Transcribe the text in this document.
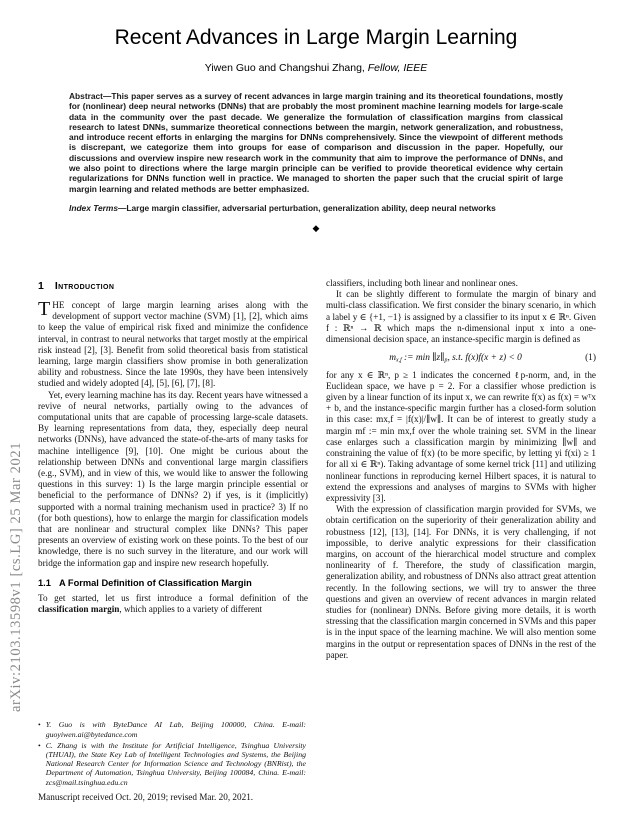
arXiv:2103.13598v1 [cs.LG] 25 Mar 2021
Recent Advances in Large Margin Learning
Yiwen Guo and Changshui Zhang, Fellow, IEEE

Abstract—This paper serves as a survey of recent advances in large margin training and its theoretical foundations, mostly for (nonlinear) deep neural networks (DNNs) that are probably the most prominent machine learning models for large-scale data in the community over the past decade. We generalize the formulation of classification margins from classical research to latest DNNs, summarize theoretical connections between the margin, network generalization, and robustness, and introduce recent efforts in enlarging the margins for DNNs comprehensively. Since the viewpoint of different methods is discrepant, we categorize them into groups for ease of comparison and discussion in the paper. Hopefully, our discussions and overview inspire new research work in the community that aim to improve the performance of DNNs, and we also point to directions where the large margin principle can be verified to provide theoretical evidence why certain regularizations for DNNs function well in practice. We managed to shorten the paper such that the crucial spirit of large margin learning and related methods are better emphasized.

Index Terms—Large margin classifier, adversarial perturbation, generalization ability, deep neural networks

◆
1 Introduction

THE concept of large margin learning arises along with the development of support vector machine (SVM) [1], [2], which aims to keep the value of empirical risk fixed and minimize the confidence interval, in contrast to neural networks that target mostly at the empirical risk instead [2], [3]. Benefit from solid theoretical basis from statistical learning, large margin classifiers show promise in both generalization ability and robustness. Since the late 1990s, they have been intensively studied and widely adopted [4], [5], [6], [7], [8].

Yet, every learning machine has its day. Recent years have witnessed a revive of neural networks, partially owing to the advances of computational units that are capable of processing large-scale datasets. By learning representations from data, they, especially deep neural networks (DNNs), have advanced the state-of-the-arts of many tasks for machine intelligence [9], [10]. One might be curious about the relationship between DNNs and conventional large margin classifiers (e.g., SVM), and in view of this, we would like to answer the following questions in this survey: 1) Is the large margin principle essential or beneficial to the performance of DNNs? 2) if yes, is it (implicitly) supported with a normal training mechanism used in practice? 3) If no (for both questions), how to enlarge the margin for classification models that are nonlinear and structural complex like DNNs? This paper presents an overview of existing work on these points. To the best of our knowledge, there is no such survey in the literature, and our work will bridge the information gap and inspire new research hopefully.

1.1 A Formal Definition of Classification Margin

To get started, let us first introduce a formal definition of the classification margin, which applies to a variety of different

• Y. Guo is with ByteDance AI Lab, Beijing 100000, China. E-mail: guoyiwen.ai@bytedance.com
• C. Zhang is with the Institute for Artificial Intelligence, Tsinghua University (THUAI), the State Key Lab of Intelligent Technologies and Systems, the Beijing National Research Center for Information Science and Technology (BNRist), the Department of Automation, Tsinghua University, Beijing 100084, China. E-mail: zcs@mail.tsinghua.edu.cn

Manuscript received Oct. 20, 2019; revised Mar. 20, 2021.

classifiers, including both linear and nonlinear ones.

It can be slightly different to formulate the margin of binary and multi-class classification. We first consider the binary scenario, in which a label y ∈ {+1, −1} is assigned by a classifier to its input x ∈ ℝⁿ. Given f : ℝⁿ → ℝ which maps the n-dimensional input x into a one-dimensional decision space, an instance-specific margin is defined as

$m_{x,f}$ := $\min \parallel z\parallel_p$, s.t. f(x)f(x + z) < 0	(1)

for any x ∈ ℝⁿ, p ≥ 1 indicates the concerned ℓp-norm, and, in the Euclidean space, we have p = 2. For a classifier whose prediction is given by a linear function of its input x, we can rewrite f(x) as f(x) = wᵀx + b, and the instance-specific margin further has a closed-form solution in this case: mx,f = |f(x)|/∥w∥. It can be of interest to greatly study a margin mf := min mx,f over the whole training set. SVM in the linear case enlarges such a classification margin by minimizing ∥w∥ and constraining the value of f(x) (to be more specific, by letting yi f(xi) ≥ 1 for all xi ∈ ℝⁿ). Taking advantage of some kernel trick [11] and utilizing nonlinear functions in reproducing kernel Hilbert spaces, it is natural to extend the expressions and analyses of margins to SVMs with higher expressivity [3].

With the expression of classification margin provided for SVMs, we obtain certification on the superiority of their generalization ability and robustness [12], [13], [14]. For DNNs, it is very challenging, if not impossible, to derive analytic expressions for their classification margins, on account of the hierarchical model structure and complex nonlinearity of f. Therefore, the study of classification margin, generalization ability, and robustness of DNNs also attract great attention recently. In the following sections, we will try to answer the three questions and given an overview of recent advances in margin related studies for (nonlinear) DNNs. Before giving more details, it is worth stressing that the classification margin concerned in SVMs and this paper is in the input space of the learning machine. We will also mention some margins in the output or representation spaces of DNNs in the rest of the paper.
